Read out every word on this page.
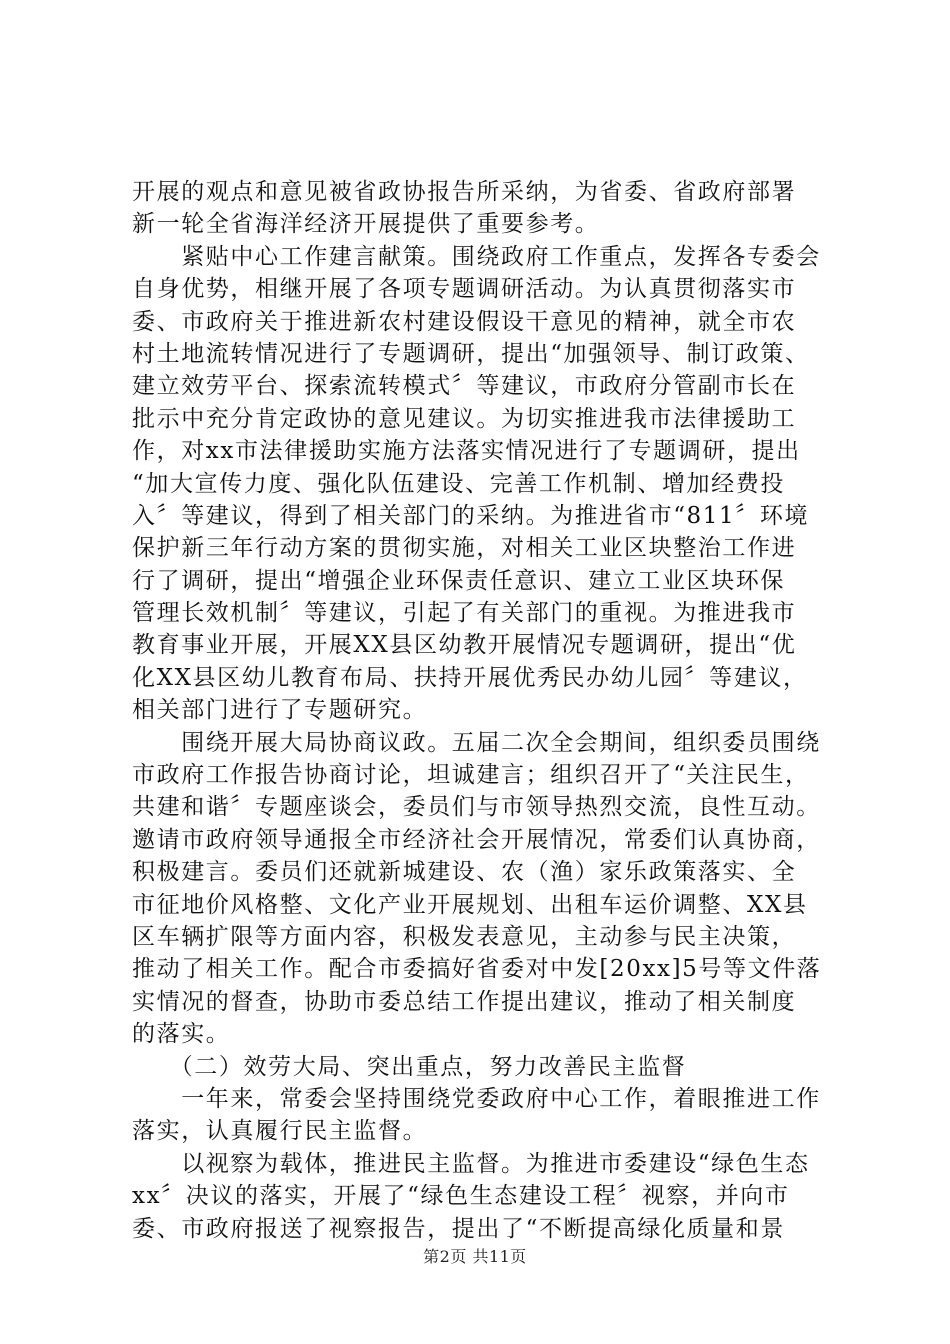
开展的观点和意见被省政协报告所采纳，为省委、省政府部署
新一轮全省海洋经济开展提供了重要参考。
　　紧贴中心工作建言献策。围绕政府工作重点，发挥各专委会
自身优势，相继开展了各项专题调研活动。为认真贯彻落实市
委、市政府关于推进新农村建设假设干意见的精神，就全市农
村土地流转情况进行了专题调研，提出“加强领导、制订政策、
建立效劳平台、探索流转模式〞等建议，市政府分管副市长在
批示中充分肯定政协的意见建议。为切实推进我市法律援助工
作，对xx市法律援助实施方法落实情况进行了专题调研，提出
“加大宣传力度、强化队伍建设、完善工作机制、增加经费投
入〞等建议，得到了相关部门的采纳。为推进省市“811〞环境
保护新三年行动方案的贯彻实施，对相关工业区块整治工作进
行了调研，提出“增强企业环保责任意识、建立工业区块环保
管理长效机制〞等建议，引起了有关部门的重视。为推进我市
教育事业开展，开展XX县区幼教开展情况专题调研，提出“优
化XX县区幼儿教育布局、扶持开展优秀民办幼儿园〞等建议，
相关部门进行了专题研究。
　　围绕开展大局协商议政。五届二次全会期间，组织委员围绕
市政府工作报告协商讨论，坦诚建言；组织召开了“关注民生，
共建和谐〞专题座谈会，委员们与市领导热烈交流，良性互动。
邀请市政府领导通报全市经济社会开展情况，常委们认真协商，
积极建言。委员们还就新城建设、农（渔）家乐政策落实、全
市征地价风格整、文化产业开展规划、出租车运价调整、XX县
区车辆扩限等方面内容，积极发表意见，主动参与民主决策，
推动了相关工作。配合市委搞好省委对中发[20xx]5号等文件落
实情况的督查，协助市委总结工作提出建议，推动了相关制度
的落实。
　　（二）效劳大局、突出重点，努力改善民主监督
　　一年来，常委会坚持围绕党委政府中心工作，着眼推进工作
落实，认真履行民主监督。
　　以视察为载体，推进民主监督。为推进市委建设“绿色生态
xx〞决议的落实，开展了“绿色生态建设工程〞视察，并向市
委、市政府报送了视察报告，提出了“不断提高绿化质量和景
第2页 共11页
